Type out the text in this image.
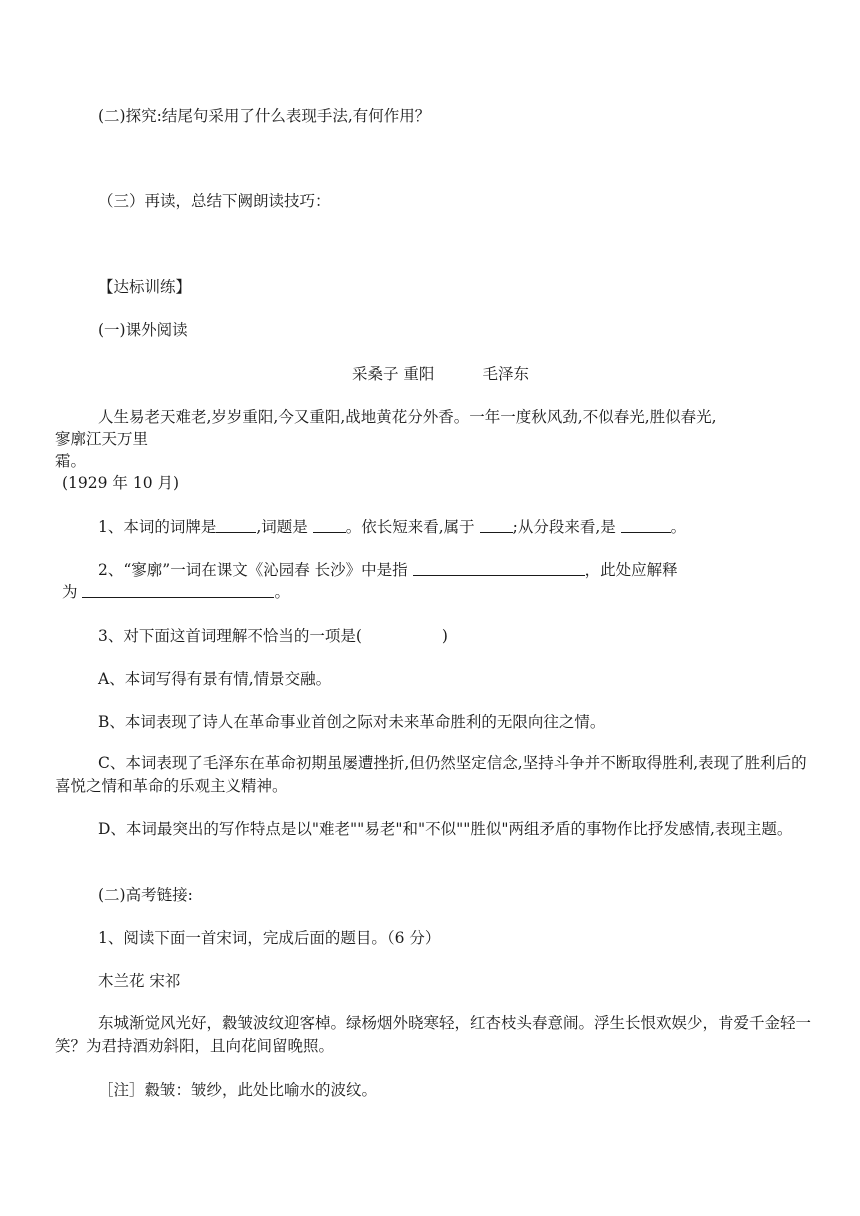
(二)探究:结尾句采用了什么表现手法,有何作用？
（三）再读，总结下阙朗读技巧：
【达标训练】
(一)课外阅读
采桑子 重阳	毛泽东
人生易老天难老,岁岁重阳,今又重阳,战地黄花分外香。一年一度秋风劲,不似春光,胜似春光,
寥廓江天万里
霜。
(1929 年 10 月)
1、本词的词牌是	,词题是 。依长短来看,属于 ;从分段来看,是	。
2、“寥廓”一词在课文《沁园春 长沙》中是指	，此处应解释
为	。
3、对下面这首词理解不恰当的一项是(	)
A、本词写得有景有情,情景交融。
B、本词表现了诗人在革命事业首创之际对未来革命胜利的无限向往之情。
C、本词表现了毛泽东在革命初期虽屡遭挫折,但仍然坚定信念,坚持斗争并不断取得胜利,表现了胜利后的喜悦之情和革命的乐观主义精神。
D、本词最突出的写作特点是以"难老""易老"和"不似""胜似"两组矛盾的事物作比抒发感情,表现主题。
(二)高考链接:
1、阅读下面一首宋词，完成后面的题目。（6 分）
木兰花 宋祁
东城渐觉风光好，縠皱波纹迎客棹。绿杨烟外晓寒轻，红杏枝头春意闹。浮生长恨欢娱少，肯爱千金轻一笑？为君持酒劝斜阳，且向花间留晚照。
［注］縠皱：皱纱，此处比喻水的波纹。
